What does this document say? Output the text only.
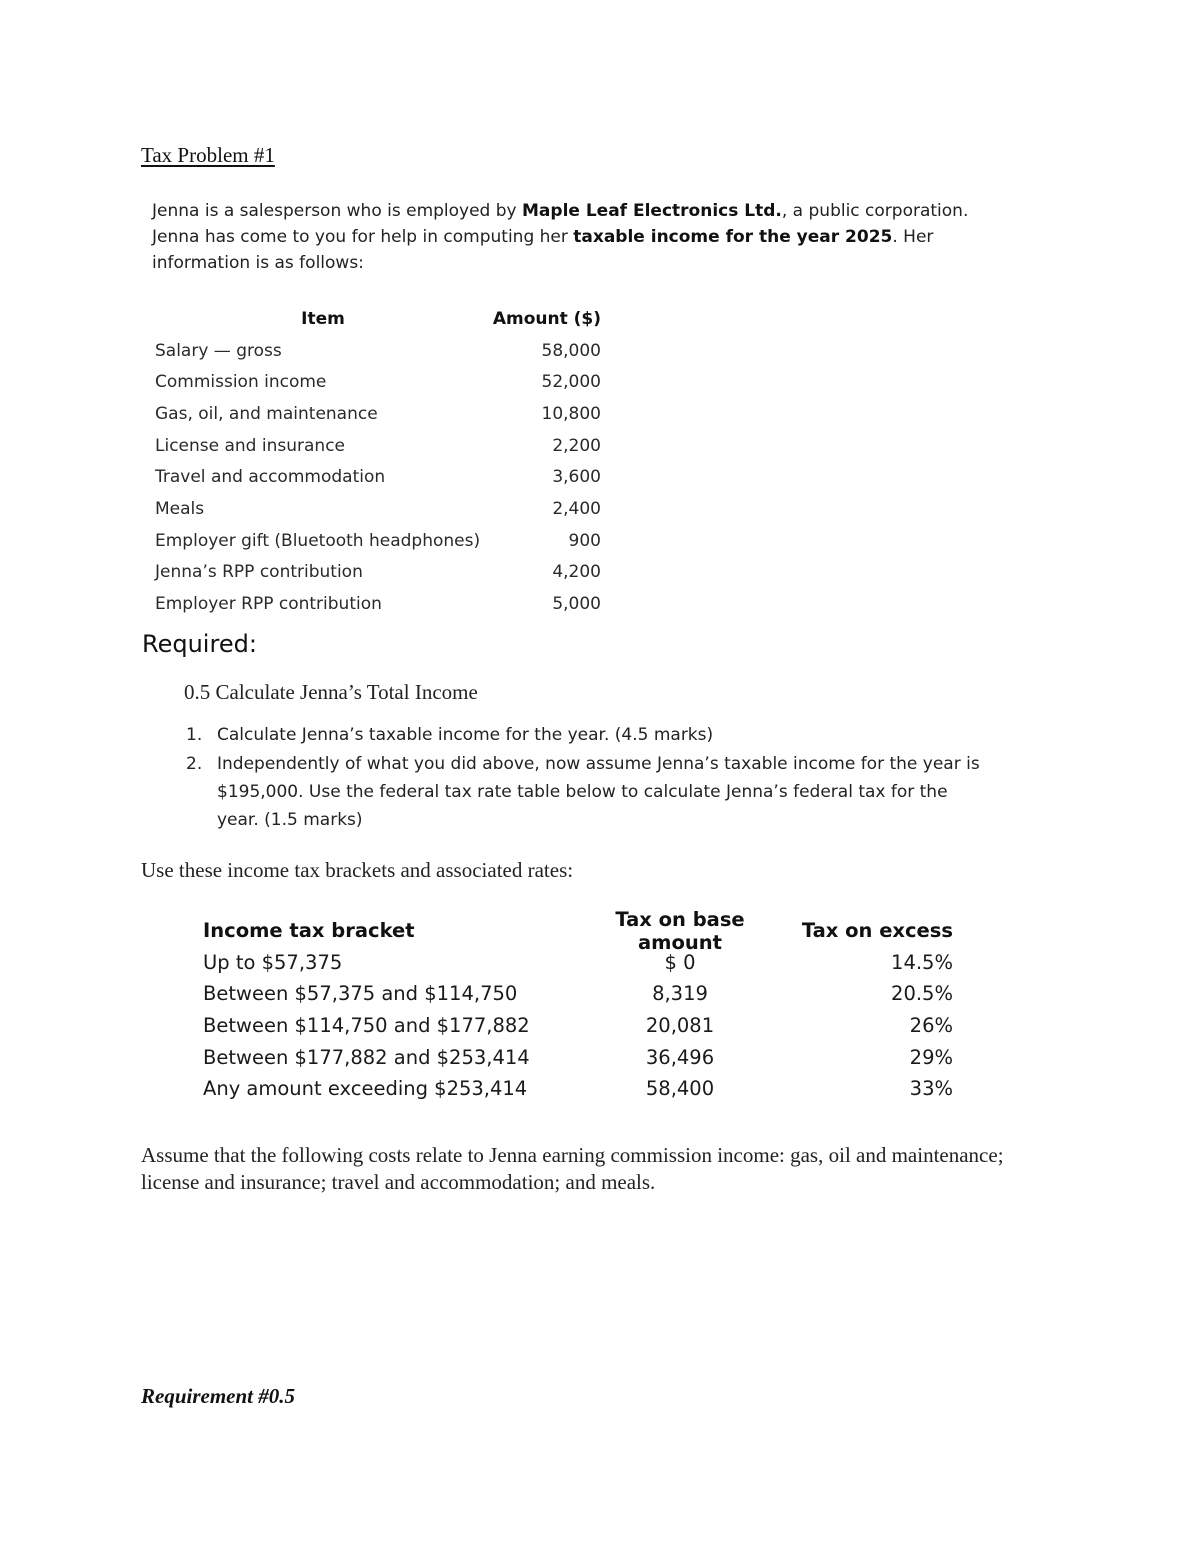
Tax Problem #1
Jenna is a salesperson who is employed by Maple Leaf Electronics Ltd., a public corporation. Jenna has come to you for help in computing her taxable income for the year 2025. Her information is as follows:
Item	Amount ($)
Salary — gross	58,000
Commission income	52,000
Gas, oil, and maintenance	10,800
License and insurance	2,200
Travel and accommodation	3,600
Meals	2,400
Employer gift (Bluetooth headphones)	900
Jenna’s RPP contribution	4,200
Employer RPP contribution	5,000
Required:
0.5 Calculate Jenna’s Total Income
1. Calculate Jenna’s taxable income for the year. (4.5 marks)
2. Independently of what you did above, now assume Jenna’s taxable income for the year is $195,000. Use the federal tax rate table below to calculate Jenna’s federal tax for the year. (1.5 marks)
Use these income tax brackets and associated rates:
Income tax bracket	Tax on base amount	Tax on excess
Up to $57,375	$ 0	14.5%
Between $57,375 and $114,750	8,319	20.5%
Between $114,750 and $177,882	20,081	26%
Between $177,882 and $253,414	36,496	29%
Any amount exceeding $253,414	58,400	33%
Assume that the following costs relate to Jenna earning commission income: gas, oil and maintenance; license and insurance; travel and accommodation; and meals.
Requirement #0.5
